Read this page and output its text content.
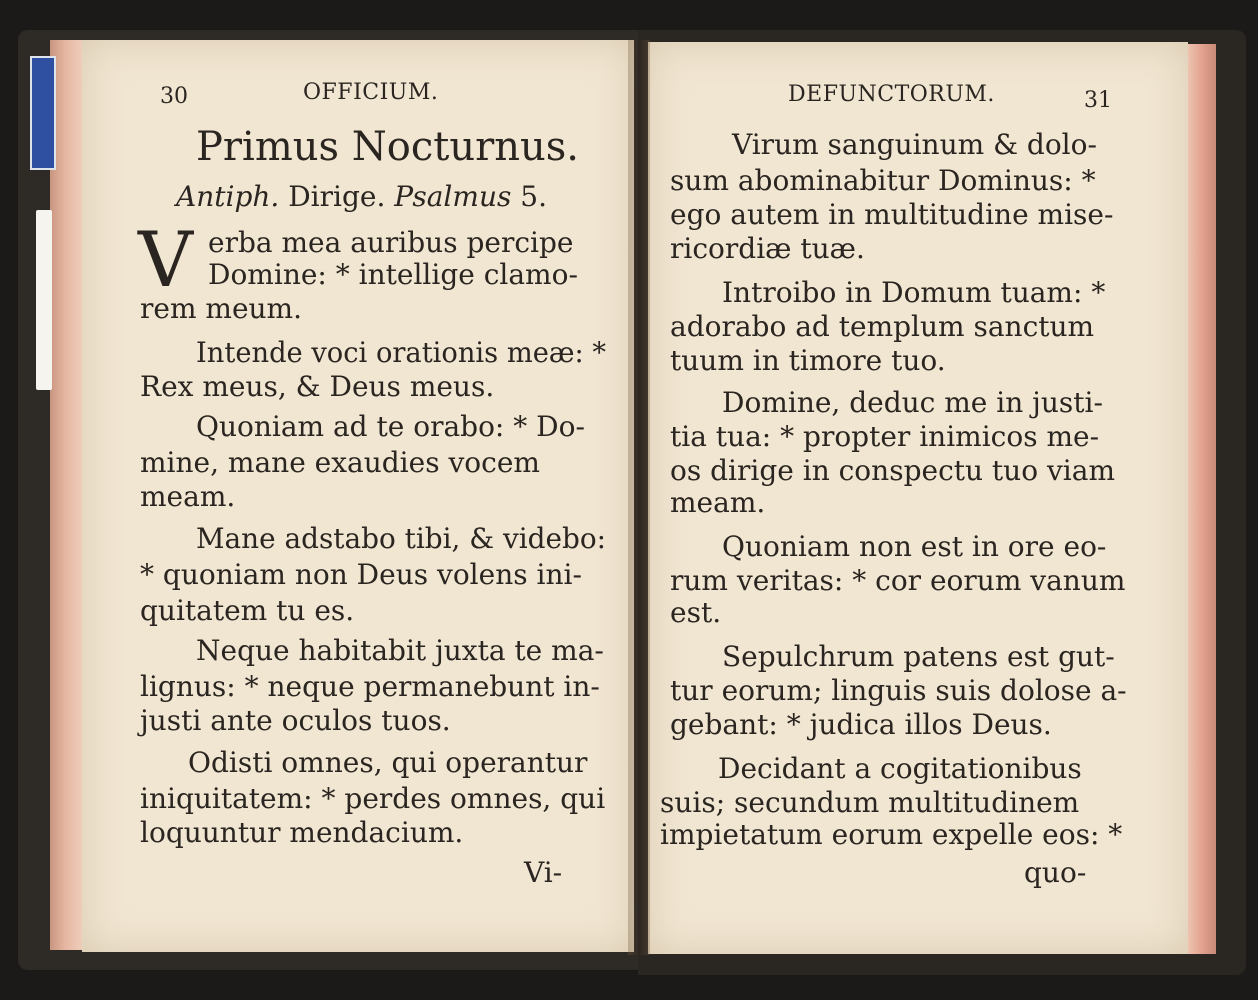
30	OFFICIUM.
Primus Nocturnus.
Antiph. Dirige. Psalmus 5.
V erba mea auribus percipe
Domine: * intellige clamo-
rem meum.
Intende voci orationis meæ: *
Rex meus, & Deus meus.
Quoniam ad te orabo: * Do-
mine, mane exaudies vocem
meam.
Mane adstabo tibi, & videbo:
* quoniam non Deus volens ini-
quitatem tu es.
Neque habitabit juxta te ma-
lignus: * neque permanebunt in-
justi ante oculos tuos.
Odisti omnes, qui operantur
iniquitatem: * perdes omnes, qui
loquuntur mendacium.
Vi-
DEFUNCTORUM.	31
Virum sanguinum & dolo-
sum abominabitur Dominus: *
ego autem in multitudine mise-
ricordiæ tuæ.
Introibo in Domum tuam: *
adorabo ad templum sanctum
tuum in timore tuo.
Domine, deduc me in justi-
tia tua: * propter inimicos me-
os dirige in conspectu tuo viam
meam.
Quoniam non est in ore eo-
rum veritas: * cor eorum vanum
est.
Sepulchrum patens est gut-
tur eorum; linguis suis dolose a-
gebant: * judica illos Deus.
Decidant a cogitationibus
suis; secundum multitudinem
impietatum eorum expelle eos: *
quo-
